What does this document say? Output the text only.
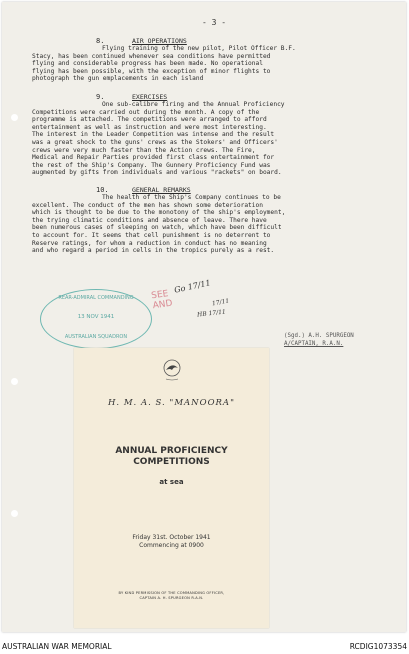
- 3 -
8.	AIR OPERATIONS
Flying training of the new pilot, Pilot Officer B.F.
Stacy, has been continued whenever sea conditions have permitted
flying and considerable progress has been made. No operational
flying has been possible, with the exception of minor flights to
photograph the gun emplacements in each island
9.	EXERCISES
One sub-calibre firing and the Annual Proficiency
Competitions were carried out during the month. A copy of the
programme is attached. The competitions were arranged to afford
entertainment as well as instruction and were most interesting.
The interest in the Leader Competition was intense and the result
was a great shock to the guns' crews as the Stokers' and Officers'
crews were very much faster than the Action crews. The Fire,
Medical and Repair Parties provided first class entertainment for
the rest of the Ship's Company. The Gunnery Proficiency Fund was
augmented by gifts from individuals and various "rackets" on board.
10.	GENERAL REMARKS
The health of the Ship's Company continues to be
excellent. The conduct of the men has shown some deterioration
which is thought to be due to the monotony of the ship's employment,
the trying climatic conditions and absence of leave. There have
been numerous cases of sleeping on watch, which have been difficult
to account for. It seems that cell punishment is no deterrent to
Reserve ratings, for whom a reduction in conduct has no meaning
and who regard a period in cells in the tropics purely as a rest.
REAR-ADMIRAL COMMANDING
13 NOV 1941
AUSTRALIAN SQUADRON
SEE
AND
Go 17/11
17/11
HB 17/11
(Sgd.) A.H. SPURGEON
A/CAPTAIN, R.A.N.
H. M. A. S. "MANOORA"
ANNUAL PROFICIENCY
COMPETITIONS
at sea
Friday 31st. October 1941
Commencing at 0900
BY KIND PERMISSION OF THE COMMANDING OFFICER,
CAPTAIN A. H. SPURGEON R.A.N.
AUSTRALIAN WAR MEMORIAL	RCDIG1073354
